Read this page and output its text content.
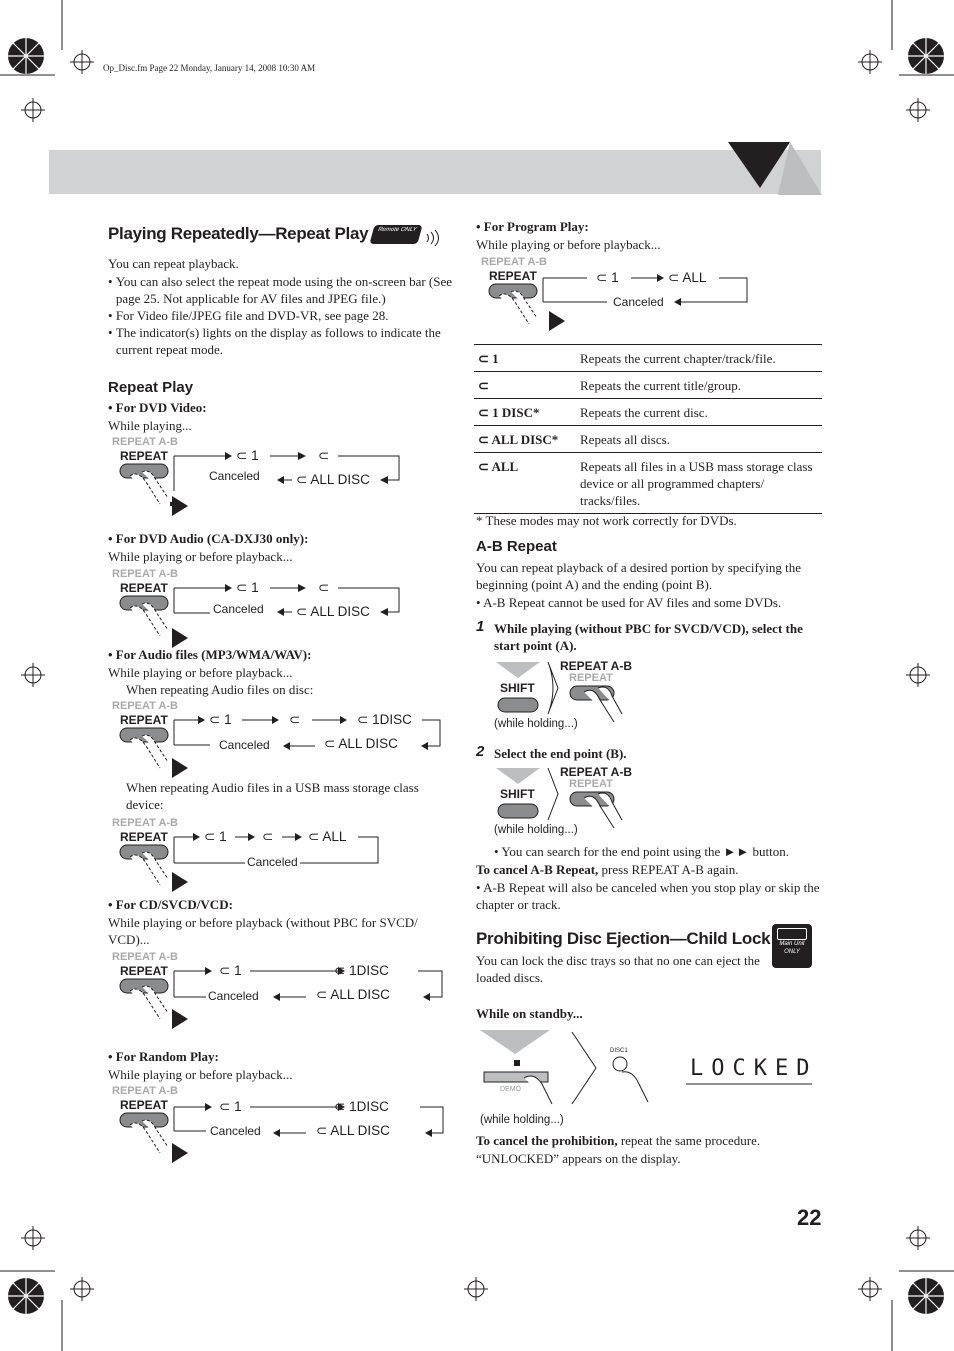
Op_Disc.fm Page 22 Monday, January 14, 2008 10:30 AM
Playing Repeatedly—Repeat Play	Remote ONLY
You can repeat playback.
• You can also select the repeat mode using the on-screen bar (See page 25. Not applicable for AV files and JPEG file.)
• For Video file/JPEG file and DVD-VR, see page 28.
• The indicator(s) lights on the display as follows to indicate the current repeat mode.
Repeat Play
• For DVD Video:
While playing...
REPEAT A-B
REPEAT	⊂ 1	⊂
Canceled	⊂ ALL DISC
• For DVD Audio (CA-DXJ30 only):
While playing or before playback...
REPEAT A-B
REPEAT	⊂ 1	⊂
Canceled ⊂ ALL DISC
• For Audio files (MP3/WMA/WAV):
While playing or before playback...
When repeating Audio files on disc:
REPEAT A-B
REPEAT	⊂ 1	⊂	⊂ 1DISC
Canceled	⊂ ALL DISC
When repeating Audio files in a USB mass storage class device:
REPEAT A-B
REPEAT	⊂ 1	⊂	⊂ ALL
Canceled
• For CD/SVCD/VCD:
While playing or before playback (without PBC for SVCD/ VCD)...
REPEAT A-B
REPEAT	⊂ 1	⊂ 1DISC
Canceled	⊂ ALL DISC
• For Random Play:
While playing or before playback...
REPEAT A-B
REPEAT	⊂ 1	⊂ 1DISC
Canceled	⊂ ALL DISC
• For Program Play:
While playing or before playback...
REPEAT A-B
REPEAT	⊂ 1	⊂ ALL
Canceled
⊂ 1	Repeats the current chapter/track/file.
⊂	Repeats the current title/group.
⊂ 1 DISC*	Repeats the current disc.
⊂ ALL DISC*	Repeats all discs.
⊂ ALL	Repeats all files in a USB mass storage class device or all programmed chapters/ tracks/files.
* These modes may not work correctly for DVDs.
A-B Repeat
You can repeat playback of a desired portion by specifying the beginning (point A) and the ending (point B).
• A-B Repeat cannot be used for AV files and some DVDs.
1 While playing (without PBC for SVCD/VCD), select the start point (A).
SHIFT
REPEAT A-B
REPEAT
(while holding...)
2 Select the end point (B).
SHIFT
REPEAT A-B
REPEAT
(while holding...)
• You can search for the end point using the ►► button.
To cancel A-B Repeat, press REPEAT A-B again.
• A-B Repeat will also be canceled when you stop play or skip the chapter or track.
Prohibiting Disc Ejection—Child Lock	Main Unit ONLY
You can lock the disc trays so that no one can eject the loaded discs.
While on standby...
DEMO
DISC1
LOCKED
(while holding...)
To cancel the prohibition, repeat the same procedure.
“UNLOCKED” appears on the display.
22
